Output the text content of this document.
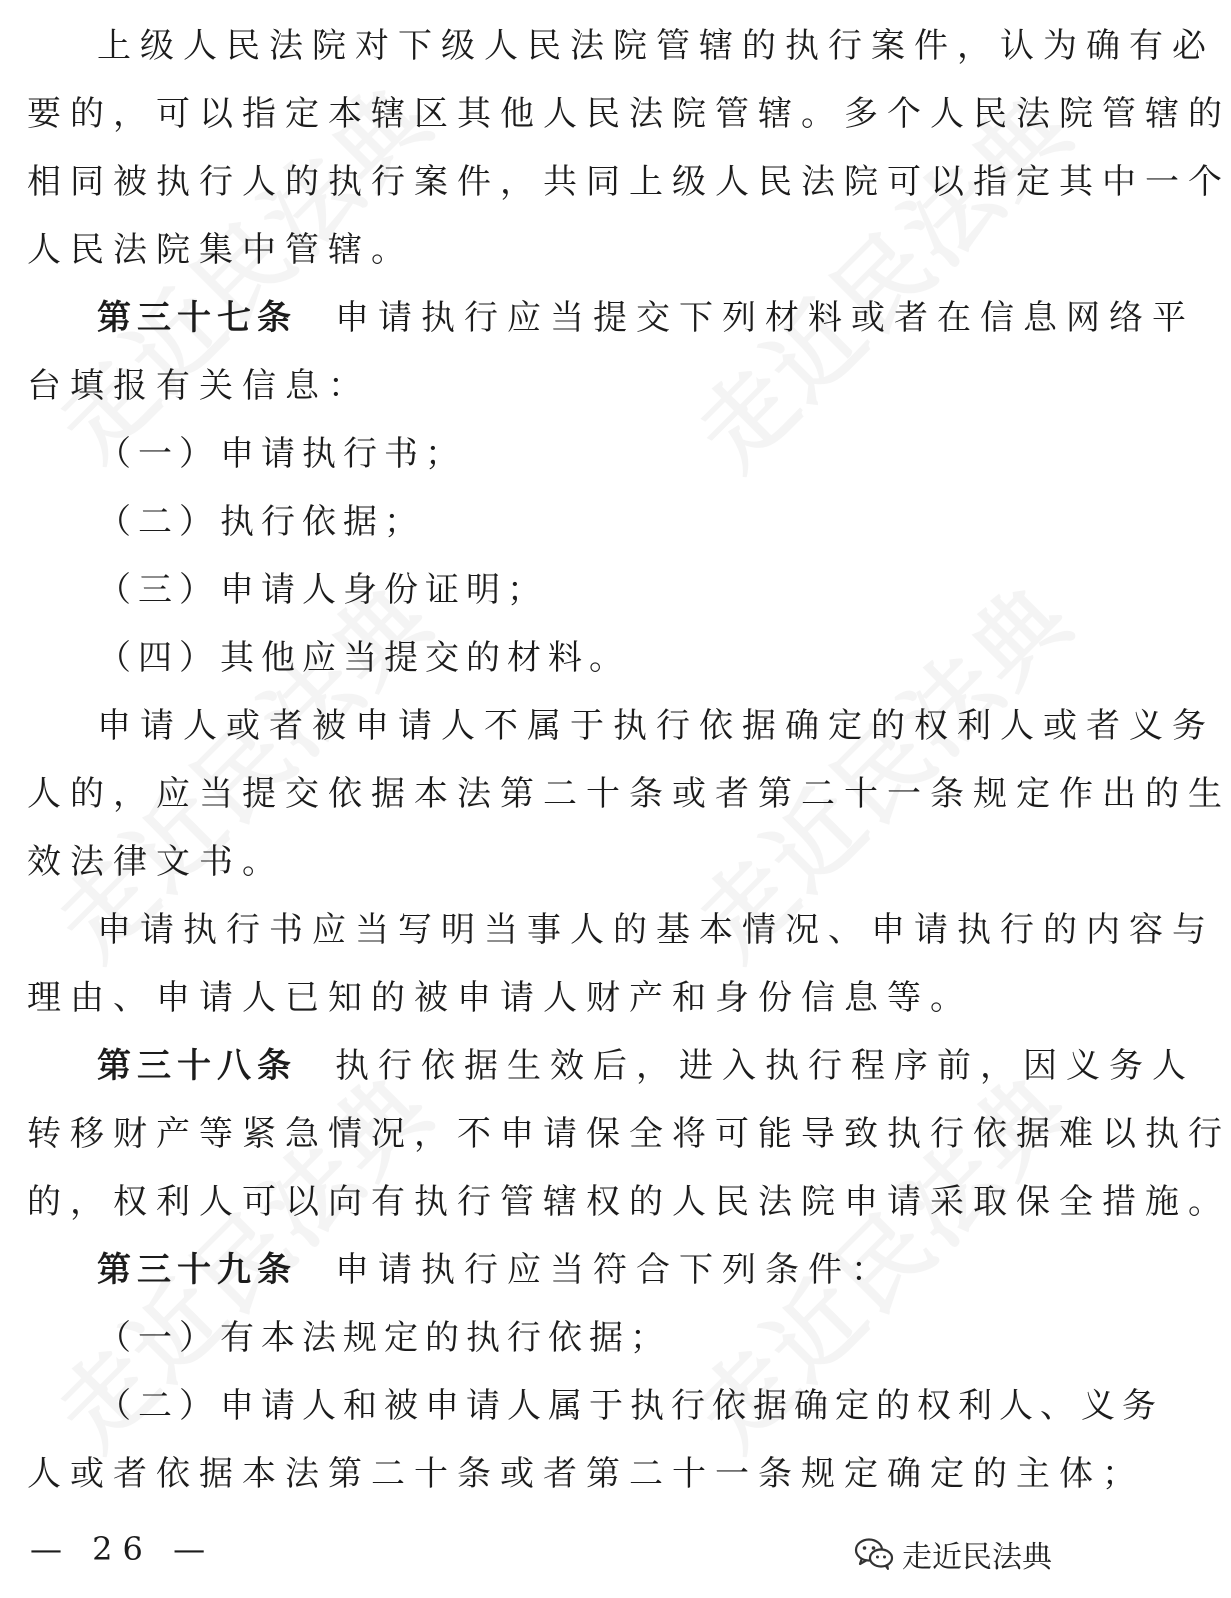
上级人民法院对下级人民法院管辖的执行案件，认为确有必
要的，可以指定本辖区其他人民法院管辖。多个人民法院管辖的
相同被执行人的执行案件，共同上级人民法院可以指定其中一个
人民法院集中管辖。
第三十七条 申请执行应当提交下列材料或者在信息网络平
台填报有关信息：
（一）申请执行书；
（二）执行依据；
（三）申请人身份证明；
（四）其他应当提交的材料。
申请人或者被申请人不属于执行依据确定的权利人或者义务
人的，应当提交依据本法第二十条或者第二十一条规定作出的生
效法律文书。
申请执行书应当写明当事人的基本情况、申请执行的内容与
理由、申请人已知的被申请人财产和身份信息等。
第三十八条 执行依据生效后，进入执行程序前，因义务人
转移财产等紧急情况，不申请保全将可能导致执行依据难以执行
的，权利人可以向有执行管辖权的人民法院申请采取保全措施。
第三十九条 申请执行应当符合下列条件：
（一）有本法规定的执行依据；
（二）申请人和被申请人属于执行依据确定的权利人、义务
人或者依据本法第二十条或者第二十一条规定确定的主体；
— 26 —	走近民法典
